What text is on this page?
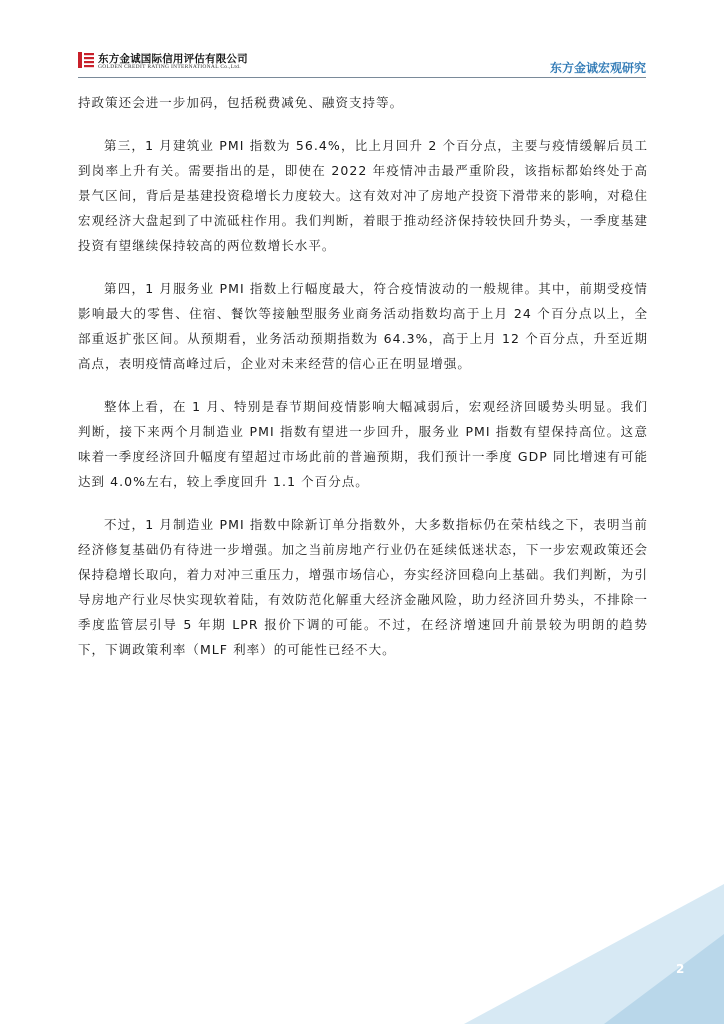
东方金诚国际信用评估有限公司
GOLDEN CREDIT RATING INTERNATIONAL Co.,Ltd.	东方金诚宏观研究

持政策还会进一步加码，包括税费减免、融资支持等。

第三，1 月建筑业 PMI 指数为 56.4%，比上月回升 2 个百分点，主要与疫情缓解后员工到岗率上升有关。需要指出的是，即使在 2022 年疫情冲击最严重阶段，该指标都始终处于高景气区间，背后是基建投资稳增长力度较大。这有效对冲了房地产投资下滑带来的影响，对稳住宏观经济大盘起到了中流砥柱作用。我们判断，着眼于推动经济保持较快回升势头，一季度基建投资有望继续保持较高的两位数增长水平。

第四，1 月服务业 PMI 指数上行幅度最大，符合疫情波动的一般规律。其中，前期受疫情影响最大的零售、住宿、餐饮等接触型服务业商务活动指数均高于上月 24 个百分点以上，全部重返扩张区间。从预期看，业务活动预期指数为 64.3%，高于上月 12 个百分点，升至近期高点，表明疫情高峰过后，企业对未来经营的信心正在明显增强。

整体上看，在 1 月、特别是春节期间疫情影响大幅减弱后，宏观经济回暖势头明显。我们判断，接下来两个月制造业 PMI 指数有望进一步回升，服务业 PMI 指数有望保持高位。这意味着一季度经济回升幅度有望超过市场此前的普遍预期，我们预计一季度 GDP 同比增速有可能达到 4.0%左右，较上季度回升 1.1 个百分点。

不过，1 月制造业 PMI 指数中除新订单分指数外，大多数指标仍在荣枯线之下，表明当前经济修复基础仍有待进一步增强。加之当前房地产行业仍在延续低迷状态，下一步宏观政策还会保持稳增长取向，着力对冲三重压力，增强市场信心，夯实经济回稳向上基础。我们判断，为引导房地产行业尽快实现软着陆，有效防范化解重大经济金融风险，助力经济回升势头，不排除一季度监管层引导 5 年期 LPR 报价下调的可能。不过，在经济增速回升前景较为明朗的趋势下，下调政策利率（MLF 利率）的可能性已经不大。

2
